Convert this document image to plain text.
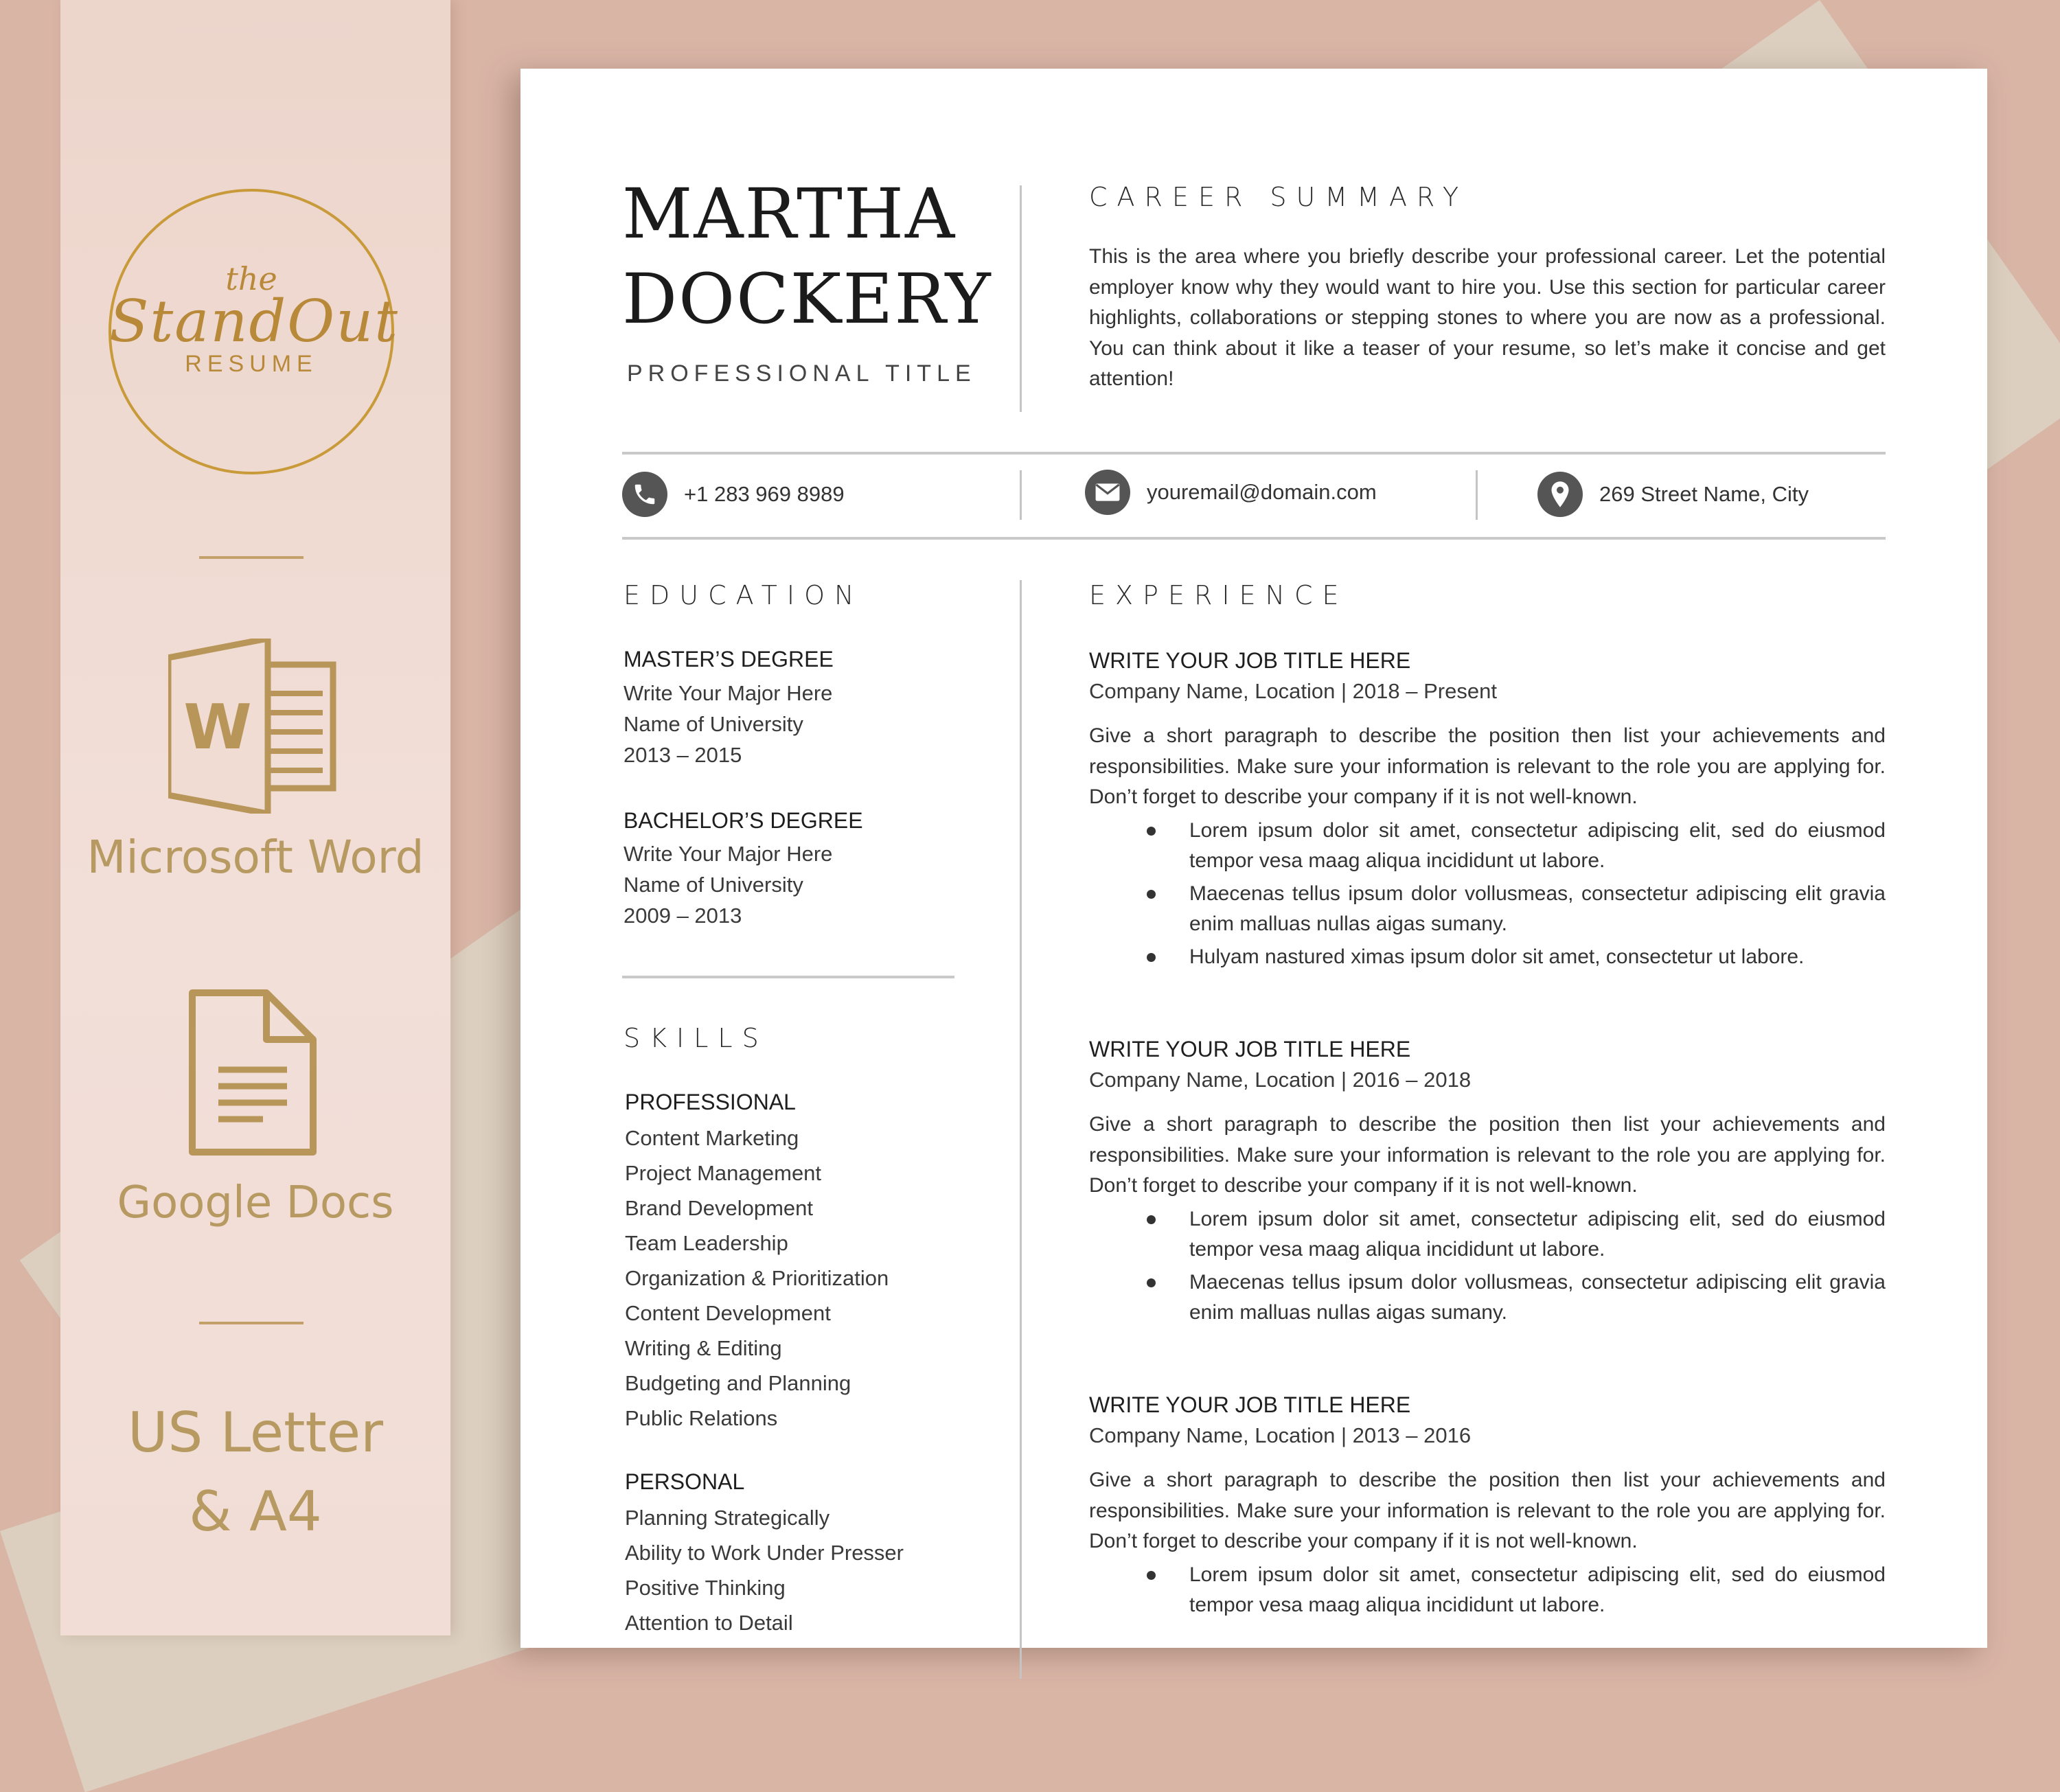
the
StandOut
RESUME
W
Microsoft Word
Google Docs
US Letter
& A4
MARTHA
DOCKERY
PROFESSIONAL TITLE
CAREER SUMMARY
This is the area where you briefly describe your professional career. Let the potential employer know why they would want to hire you. Use this section for particular career highlights, collaborations or stepping stones to where you are now as a professional. You can think about it like a teaser of your resume, so let’s make it concise and get attention!
+1 283 969 8989	youremail@domain.com	269 Street Name, City
EDUCATION
MASTER’S DEGREE
Write Your Major Here
Name of University
2013 – 2015
BACHELOR’S DEGREE
Write Your Major Here
Name of University
2009 – 2013
SKILLS
PROFESSIONAL
Content Marketing
Project Management
Brand Development
Team Leadership
Organization & Prioritization
Content Development
Writing & Editing
Budgeting and Planning
Public Relations
PERSONAL
Planning Strategically
Ability to Work Under Presser
Positive Thinking
Attention to Detail
EXPERIENCE
WRITE YOUR JOB TITLE HERE
Company Name, Location | 2018 – Present
Give a short paragraph to describe the position then list your achievements and responsibilities. Make sure your information is relevant to the role you are applying for. Don’t forget to describe your company if it is not well-known.
Lorem ipsum dolor sit amet, consectetur adipiscing elit, sed do eiusmod tempor vesa maag aliqua incididunt ut labore.
Maecenas tellus ipsum dolor vollusmeas, consectetur adipiscing elit gravia enim malluas nullas aigas sumany.
Hulyam nastured ximas ipsum dolor sit amet, consectetur ut labore.
WRITE YOUR JOB TITLE HERE
Company Name, Location | 2016 – 2018
Give a short paragraph to describe the position then list your achievements and responsibilities. Make sure your information is relevant to the role you are applying for. Don’t forget to describe your company if it is not well-known.
Lorem ipsum dolor sit amet, consectetur adipiscing elit, sed do eiusmod tempor vesa maag aliqua incididunt ut labore.
Maecenas tellus ipsum dolor vollusmeas, consectetur adipiscing elit gravia enim malluas nullas aigas sumany.
WRITE YOUR JOB TITLE HERE
Company Name, Location | 2013 – 2016
Give a short paragraph to describe the position then list your achievements and responsibilities. Make sure your information is relevant to the role you are applying for. Don’t forget to describe your company if it is not well-known.
Lorem ipsum dolor sit amet, consectetur adipiscing elit, sed do eiusmod tempor vesa maag aliqua incididunt ut labore.
